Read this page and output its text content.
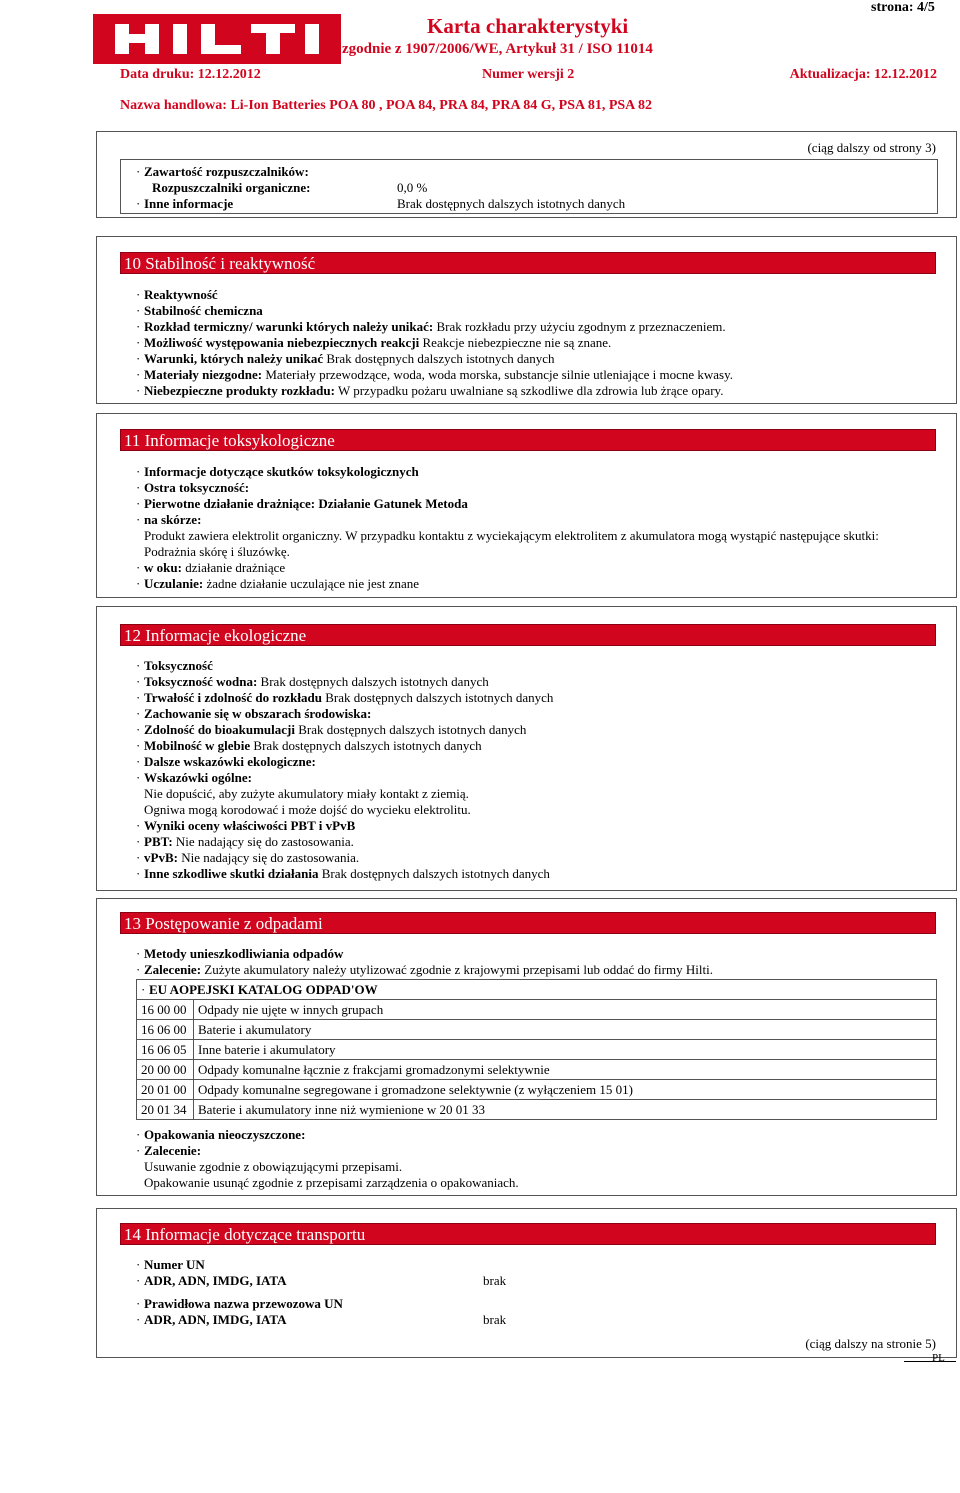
Karta charakterystyki
zgodnie z 1907/2006/WE, Artykuł 31 / ISO 11014
strona: 4/5
Data druku: 12.12.2012	Numer wersji 2	Aktualizacja: 12.12.2012
Nazwa handlowa: Li-Ion Batteries POA 80 , POA 84, PRA 84, PRA 84 G, PSA 81, PSA 82
(ciąg dalszy od strony 3)
· Zawartość rozpuszczalników:
Rozpuszczalniki organiczne:	0,0 %
· Inne informacje	Brak dostępnych dalszych istotnych danych
10 Stabilność i reaktywność
· Reaktywność
· Stabilność chemiczna
· Rozkład termiczny/ warunki których należy unikać: Brak rozkładu przy użyciu zgodnym z przeznaczeniem.
· Możliwość występowania niebezpiecznych reakcji Reakcje niebezpieczne nie są znane.
· Warunki, których należy unikać Brak dostępnych dalszych istotnych danych
· Materiały niezgodne: Materiały przewodzące, woda, woda morska, substancje silnie utleniające i mocne kwasy.
· Niebezpieczne produkty rozkładu: W przypadku pożaru uwalniane są szkodliwe dla zdrowia lub żrące opary.
11 Informacje toksykologiczne
· Informacje dotyczące skutków toksykologicznych
· Ostra toksyczność:
· Pierwotne działanie drażniące: Działanie Gatunek Metoda
· na skórze:
Produkt zawiera elektrolit organiczny. W przypadku kontaktu z wyciekającym elektrolitem z akumulatora mogą wystąpić następujące skutki:
Podrażnia skórę i śluzówkę.
· w oku: działanie drażniące
· Uczulanie: żadne działanie uczulające nie jest znane
12 Informacje ekologiczne
· Toksyczność
· Toksyczność wodna: Brak dostępnych dalszych istotnych danych
· Trwałość i zdolność do rozkładu Brak dostępnych dalszych istotnych danych
· Zachowanie się w obszarach środowiska:
· Zdolność do bioakumulacji Brak dostępnych dalszych istotnych danych
· Mobilność w glebie Brak dostępnych dalszych istotnych danych
· Dalsze wskazówki ekologiczne:
· Wskazówki ogólne:
Nie dopuścić, aby zużyte akumulatory miały kontakt z ziemią.
Ogniwa mogą korodować i może dojść do wycieku elektrolitu.
· Wyniki oceny właściwości PBT i vPvB
· PBT: Nie nadający się do zastosowania.
· vPvB: Nie nadający się do zastosowania.
· Inne szkodliwe skutki działania Brak dostępnych dalszych istotnych danych
13 Postępowanie z odpadami
· Metody unieszkodliwiania odpadów
· Zalecenie: Zużyte akumulatory należy utylizować zgodnie z krajowymi przepisami lub oddać do firmy Hilti.
· EU AOPEJSKI KATALOG ODPAD'OW	
16 00 00	Odpady nie ujęte w innych grupach
16 06 00	Baterie i akumulatory
16 06 05	Inne baterie i akumulatory
20 00 00	Odpady komunalne łącznie z frakcjami gromadzonymi selektywnie
20 01 00	Odpady komunalne segregowane i gromadzone selektywnie (z wyłączeniem 15 01)
20 01 34	Baterie i akumulatory inne niż wymienione w 20 01 33
· Opakowania nieoczyszczone:
· Zalecenie:
Usuwanie zgodnie z obowiązującymi przepisami.
Opakowanie usunąć zgodnie z przepisami zarządzenia o opakowaniach.
14 Informacje dotyczące transportu
· Numer UN
· ADR, ADN, IMDG, IATA	brak
· Prawidłowa nazwa przewozowa UN
· ADR, ADN, IMDG, IATA	brak
(ciąg dalszy na stronie 5)
PL
